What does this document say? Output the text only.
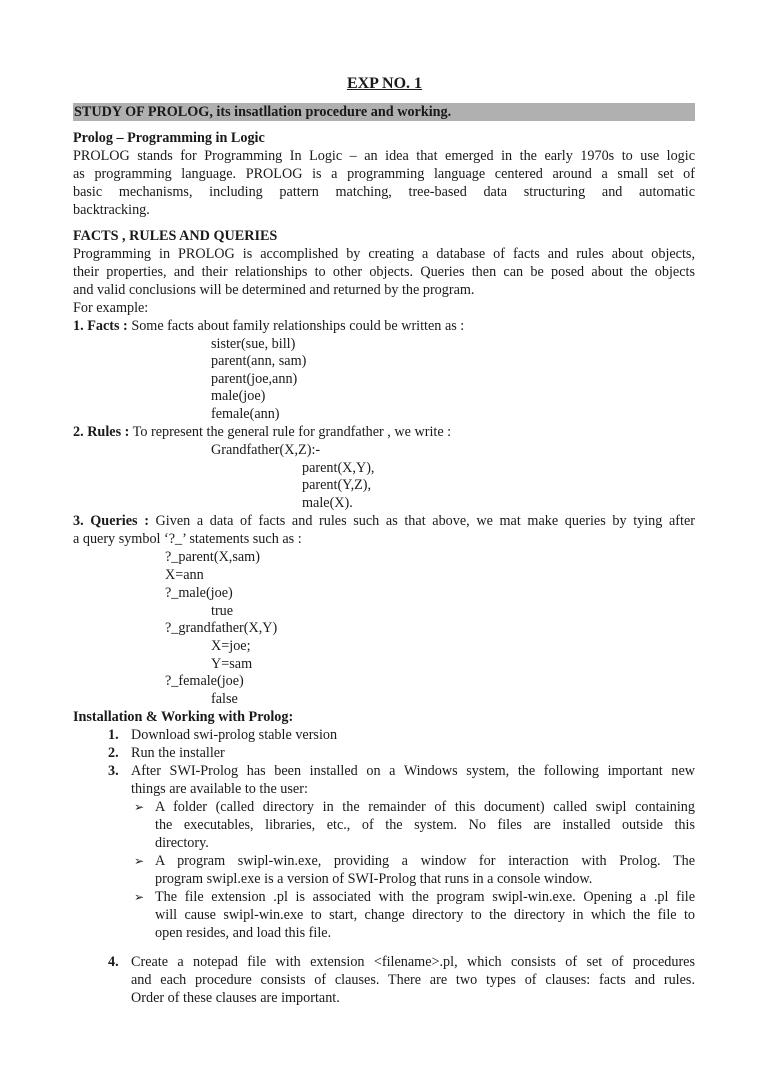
EXP NO. 1
STUDY OF PROLOG, its insatllation procedure and working.
Prolog – Programming in Logic
PROLOG stands for Programming In Logic – an idea that emerged in the early 1970s to use logic
as programming language. PROLOG is a programming language centered around a small set of
basic mechanisms, including pattern matching, tree-based data structuring and automatic
backtracking.
FACTS , RULES AND QUERIES
Programming in PROLOG is accomplished by creating a database of facts and rules about objects,
their properties, and their relationships to other objects. Queries then can be posed about the objects
and valid conclusions will be determined and returned by the program.
For example:
1. Facts : Some facts about family relationships could be written as :
sister(sue, bill)
parent(ann, sam)
parent(joe,ann)
male(joe)
female(ann)
2. Rules : To represent the general rule for grandfather , we write :
Grandfather(X,Z):-
parent(X,Y),
parent(Y,Z),
male(X).
3. Queries : Given a data of facts and rules such as that above, we mat make queries by tying after
a query symbol ‘?_’ statements such as :
?_parent(X,sam)
X=ann
?_male(joe)
true
?_grandfather(X,Y)
X=joe;
Y=sam
?_female(joe)
false
Installation & Working with Prolog:
1. Download swi-prolog stable version
2. Run the installer
3. After SWI-Prolog has been installed on a Windows system, the following important new
things are available to the user:
➢ A folder (called directory in the remainder of this document) called swipl containing
the executables, libraries, etc., of the system. No files are installed outside this
directory.
➢ A program swipl-win.exe, providing a window for interaction with Prolog. The
program swipl.exe is a version of SWI-Prolog that runs in a console window.
➢ The file extension .pl is associated with the program swipl-win.exe. Opening a .pl file
will cause swipl-win.exe to start, change directory to the directory in which the file to
open resides, and load this file.
4. Create a notepad file with extension <filename>.pl, which consists of set of procedures
and each procedure consists of clauses. There are two types of clauses: facts and rules.
Order of these clauses are important.
